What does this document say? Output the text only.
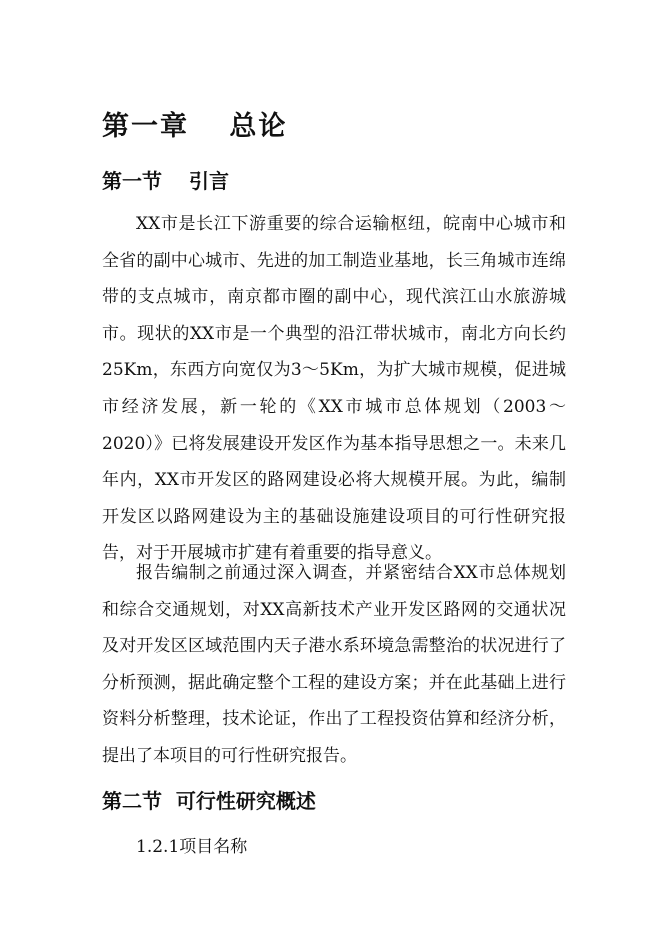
第一章　 总论
第一节　 引言

XX市是长江下游重要的综合运输枢纽，皖南中心城市和全省的副中心城市、先进的加工制造业基地，长三角城市连绵带的支点城市，南京都市圈的副中心，现代滨江山水旅游城市。现状的XX市是一个典型的沿江带状城市，南北方向长约25Km，东西方向宽仅为3～5Km，为扩大城市规模，促进城市经济发展，新一轮的《XX市城市总体规划（2003～2020）》已将发展建设开发区作为基本指导思想之一。未来几年内，XX市开发区的路网建设必将大规模开展。为此，编制开发区以路网建设为主的基础设施建设项目的可行性研究报告，对于开展城市扩建有着重要的指导意义。

报告编制之前通过深入调查，并紧密结合XX市总体规划和综合交通规划，对XX高新技术产业开发区路网的交通状况及对开发区区域范围内天子港水系环境急需整治的状况进行了分析预测，据此确定整个工程的建设方案；并在此基础上进行资料分析整理，技术论证，作出了工程投资估算和经济分析，提出了本项目的可行性研究报告。

第二节  可行性研究概述

1.2.1项目名称
